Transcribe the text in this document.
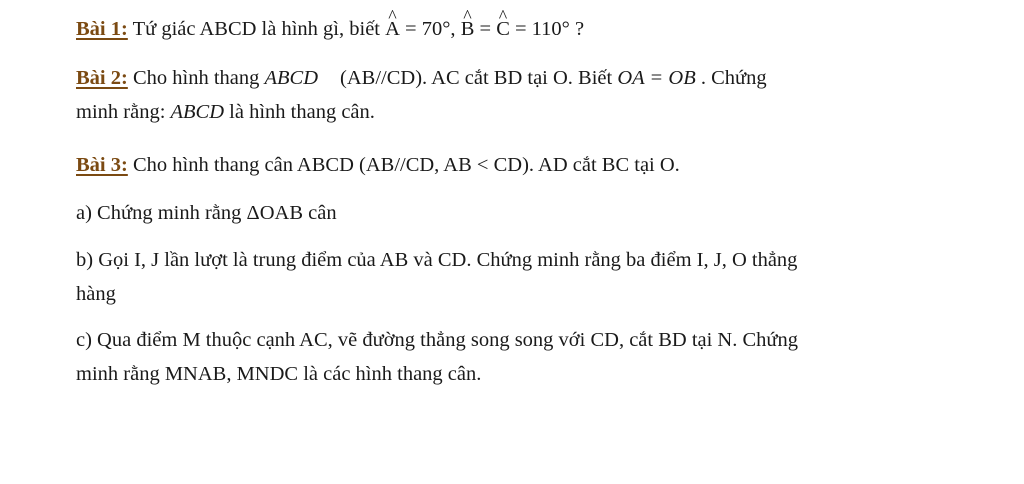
Bài 1: Tứ giác ABCD là hình gì, biết ^ A = 70°, ^ B = ^ C = 110° ?

Bài 2: Cho hình thang ABCD (AB//CD). AC cắt BD tại O. Biết OA = OB . Chứng
minh rằng: ABCD là hình thang cân.

Bài 3: Cho hình thang cân ABCD (AB//CD, AB < CD). AD cắt BC tại O.

a) Chứng minh rằng ΔOAB cân

b) Gọi I, J lần lượt là trung điểm của AB và CD. Chứng minh rằng ba điểm I, J, O thẳng
hàng

c) Qua điểm M thuộc cạnh AC, vẽ đường thẳng song song với CD, cắt BD tại N. Chứng
minh rằng MNAB, MNDC là các hình thang cân.
